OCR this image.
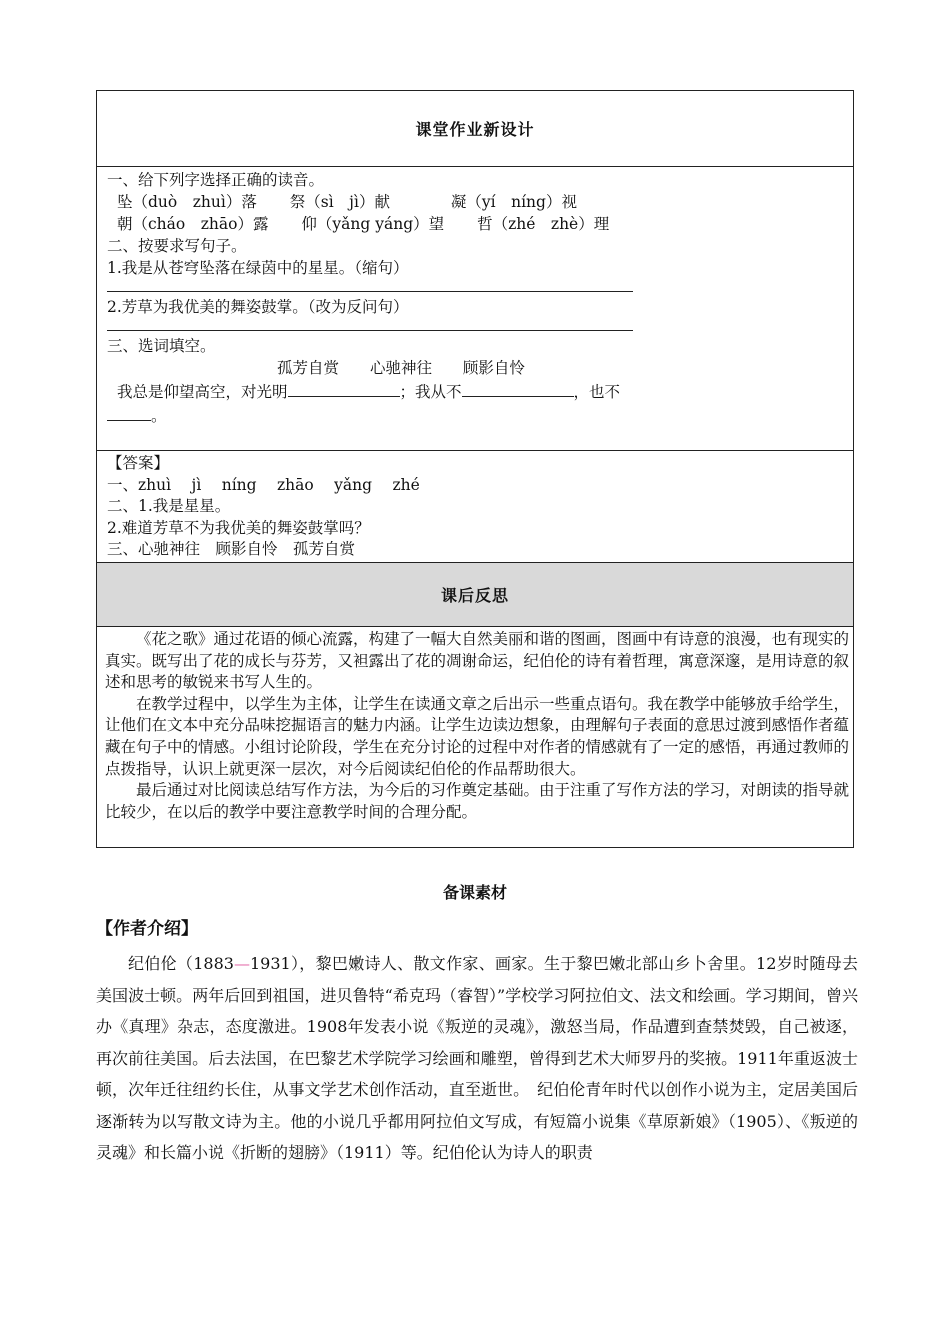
课堂作业新设计
一、给下列字选择正确的读音。
坠（duò　zhuì）落 祭（sì　jì）献	凝（yí　níng）视
朝（cháo　zhāo）露 仰（yǎng yáng）望 哲（zhé　zhè）理
二、按要求写句子。
1.我是从苍穹坠落在绿茵中的星星。（缩句）
2.芳草为我优美的舞姿鼓掌。（改为反问句）
三、选词填空。
孤芳自赏 心驰神往 顾影自怜
我总是仰望高空，对光明	；我从不	，也不
。
【答案】
一、zhuì　 jì　 níng　 zhāo　 yǎng　 zhé
二、1.我是星星。
2.难道芳草不为我优美的舞姿鼓掌吗？
三、心驰神往　顾影自怜　孤芳自赏
课后反思

《花之歌》通过花语的倾心流露，构建了一幅大自然美丽和谐的图画，图画中有诗意的浪漫，也有现实的真实。既写出了花的成长与芬芳，又袒露出了花的凋谢命运，纪伯伦的诗有着哲理，寓意深邃，是用诗意的叙述和思考的敏锐来书写人生的。

在教学过程中，以学生为主体，让学生在读通文章之后出示一些重点语句。我在教学中能够放手给学生，让他们在文本中充分品味挖掘语言的魅力内涵。让学生边读边想象，由理解句子表面的意思过渡到感悟作者蕴藏在句子中的情感。小组讨论阶段，学生在充分讨论的过程中对作者的情感就有了一定的感悟，再通过教师的点拨指导，认识上就更深一层次，对今后阅读纪伯伦的作品帮助很大。

最后通过对比阅读总结写作方法，为今后的习作奠定基础。由于注重了写作方法的学习，对朗读的指导就比较少，在以后的教学中要注意教学时间的合理分配。

备课素材
【作者介绍】

纪伯伦（1883—1931），黎巴嫩诗人、散文作家、画家。生于黎巴嫩北部山乡卜舍里。12岁时随母去美国波士顿。两年后回到祖国，进贝鲁特“希克玛（睿智）”学校学习阿拉伯文、法文和绘画。学习期间，曾兴办《真理》杂志，态度激进。1908年发表小说《叛逆的灵魂》，激怒当局，作品遭到查禁焚毁，自己被逐，再次前往美国。后去法国，在巴黎艺术学院学习绘画和雕塑，曾得到艺术大师罗丹的奖掖。1911年重返波士顿，次年迁往纽约长住，从事文学艺术创作活动，直至逝世。　纪伯伦青年时代以创作小说为主，定居美国后逐渐转为以写散文诗为主。他的小说几乎都用阿拉伯文写成，有短篇小说集《草原新娘》（1905）、《叛逆的灵魂》和长篇小说《折断的翅膀》（1911）等。纪伯伦认为诗人的职责
